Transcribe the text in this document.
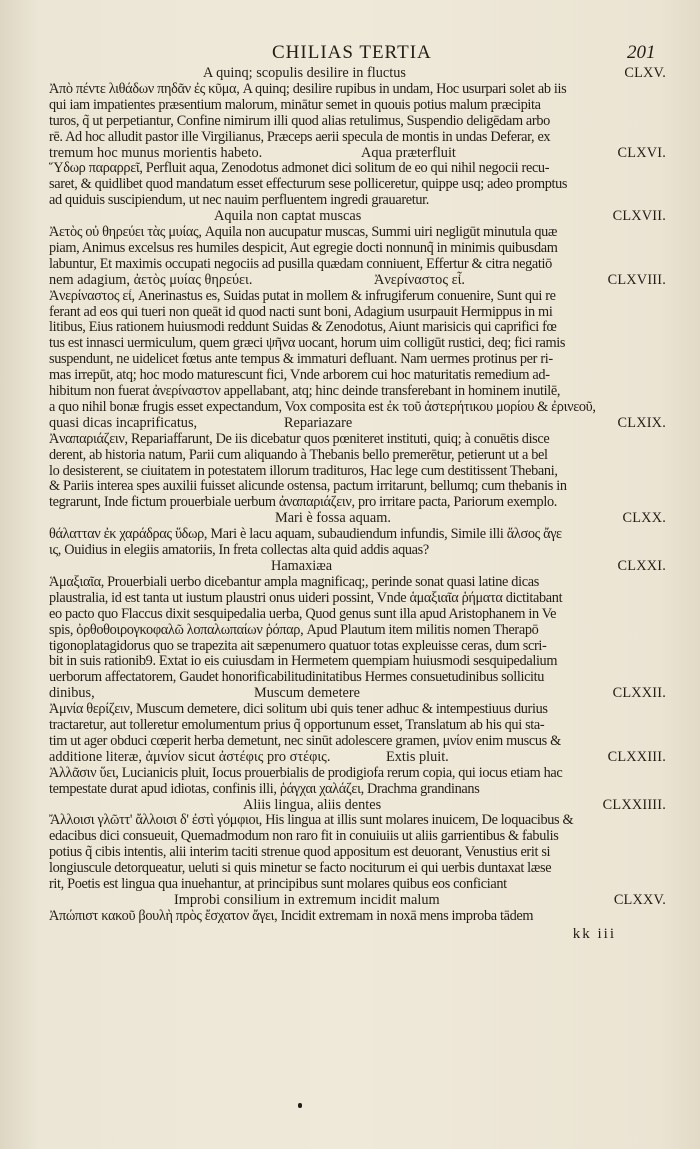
CHILIAS TERTIA	201
A quinq; scopulis desilire in fluctus	CLXV.
Ἀπὸ πέντε λιθάδων πηδᾶν ἐς κῦμα, A quinq; desilire rupibus in undam, Hoc usurpari solet ab iis
qui iam impatientes præsentium malorum, minātur semet in quouis potius malum præcipita
turos, q̃ ut perpetiantur, Confine nimirum illi quod alias retulimus, Suspendio deligēdam arbo
rē. Ad hoc alludit pastor ille Virgilianus, Præceps aerii specula de montis in undas Deferar, ex
tremum hoc munus morientis habeto.	Aqua præterfluit	CLXVI.
Ὕδωρ παραρρεῖ, Perfluit aqua, Zenodotus admonet dici solitum de eo qui nihil negocii recu-
saret, & quidlibet quod mandatum esset effecturum sese polliceretur, quippe usq; adeo promptus
ad quiduis suscipiendum, ut nec nauim perfluentem ingredi grauaretur.
Aquila non captat muscas	CLXVII.
Ἀετὸς οὐ θηρεύει τὰς μυίας, Aquila non aucupatur muscas, Summi uiri negligūt minutula quæ
piam, Animus excelsus res humiles despicit, Aut egregie docti nonnunq̃ in minimis quibusdam
labuntur, Et maximis occupati negociis ad pusilla quædam conniuent, Effertur & citra negatiō
nem adagium, ἀετὸς μυίας θηρεύει.	Ἀνερίναστος εἶ.	CLXVIII.
Ἀνερίναστος εἶ, Anerinastus es, Suidas putat in mollem & infrugiferum conuenire, Sunt qui re
ferant ad eos qui tueri non queāt id quod nacti sunt boni, Adagium usurpauit Hermippus in mi
litibus, Eius rationem huiusmodi reddunt Suidas & Zenodotus, Aiunt marisicis qui caprifici fœ
tus est innasci uermiculum, quem græci ψῆνα uocant, horum uim colligūt rustici, deq; fici ramis
suspendunt, ne uidelicet fœtus ante tempus & immaturi defluant. Nam uermes protinus per ri-
mas irrepūt, atq; hoc modo maturescunt fici, Vnde arborem cui hoc maturitatis remedium ad-
hibitum non fuerat ἀνερίναστον appellabant, atq; hinc deinde transferebant in hominem inutilē,
a quo nihil bonæ frugis esset expectandum, Vox composita est ἐκ τοῦ ἀστερήτικου μορίου & ἐρινεοῦ,
quasi dicas incaprificatus,	Repariazare	CLXIX.
Ἀναπαριάζειν, Repariaffarunt, De iis dicebatur quos pœniteret instituti, quiq; à conuētis disce
derent, ab historia natum, Parii cum aliquando à Thebanis bello premerētur, petierunt ut a bel
lo desisterent, se ciuitatem in potestatem illorum tradituros, Hac lege cum destitissent Thebani,
& Pariis interea spes auxilii fuisset alicunde ostensa, pactum irritarunt, bellumq; cum thebanis in
tegrarunt, Inde fictum prouerbiale uerbum ἀναπαριάζειν, pro irritare pacta, Pariorum exemplo.
Mari è fossa aquam.	CLXX.
θάλατταν ἐκ χαράδρας ὕδωρ, Mari è lacu aquam, subaudiendum infundis, Simile illi ἄλσος ἄγε
ις, Ouidius in elegiis amatoriis, In freta collectas alta quid addis aquas?
Hamaxiæa	CLXXI.
Ἁμαξιαῖα, Prouerbiali uerbo dicebantur ampla magnificaq;, perinde sonat quasi latine dicas
plaustralia, id est tanta ut iustum plaustri onus uideri possint, Vnde ἁμαξιαῖα ῥήματα dictitabant
eo pacto quo Flaccus dixit sesquipedalia uerba, Quod genus sunt illa apud Aristophanem in Ve
spis, ὀρθοθοιρογκοφαλῶ λοπαλωπαίων ῥόπαρ, Apud Plautum item militis nomen Therapō
tigonoplatagidorus quo se trapezita ait sæpenumero quatuor totas expleuisse ceras, dum scri-
bit in suis rationib9. Extat io eis cuiusdam in Hermetem quempiam huiusmodi sesquipedalium
uerborum affectatorem, Gaudet honorificabilitudinitatibus Hermes consuetudinibus sollicitu
dinibus,	Muscum demetere	CLXXII.
Ἀμνία θερίζειν, Muscum demetere, dici solitum ubi quis tener adhuc & intempestiuus durius
tractaretur, aut tolleretur emolumentum prius q̃ opportunum esset, Translatum ab his qui sta-
tim ut ager obduci cœperit herba demetunt, nec sinūt adolescere gramen, μνίον enim muscus &
additione literæ, ἀμνίον sicut ἀστέφις pro στέφις.	Extis pluit.	CLXXIII.
Ἀλλᾶσιν ὕει, Lucianicis pluit, Iocus prouerbialis de prodigiofa rerum copia, qui iocus etiam hac
tempestate durat apud idiotas, confinis illi, ῥάγχαι χαλάζει, Drachma grandinans
Aliis lingua, aliis dentes	CLXXIIII.
Ἄλλοισι γλῶττ' ἄλλοισι δ' ἐστὶ γόμφιοι, His lingua at illis sunt molares inuicem, De loquacibus &
edacibus dici consueuit, Quemadmodum non raro fit in conuiuiis ut aliis garrientibus & fabulis
potius q̃ cibis intentis, alii interim taciti strenue quod appositum est deuorant, Venustius erit si
longiuscule detorqueatur, ueluti si quis minetur se facto nociturum ei qui uerbis duntaxat læse
rit, Poetis est lingua qua inuehantur, at principibus sunt molares quibus eos conficiant
Improbi consilium in extremum incidit malum	CLXXV.
Ἀπώπιστ κακοῦ βουλὴ πρὸς ἔσχατον ἄγει, Incidit extremam in noxā mens improba tādem
kk iii
